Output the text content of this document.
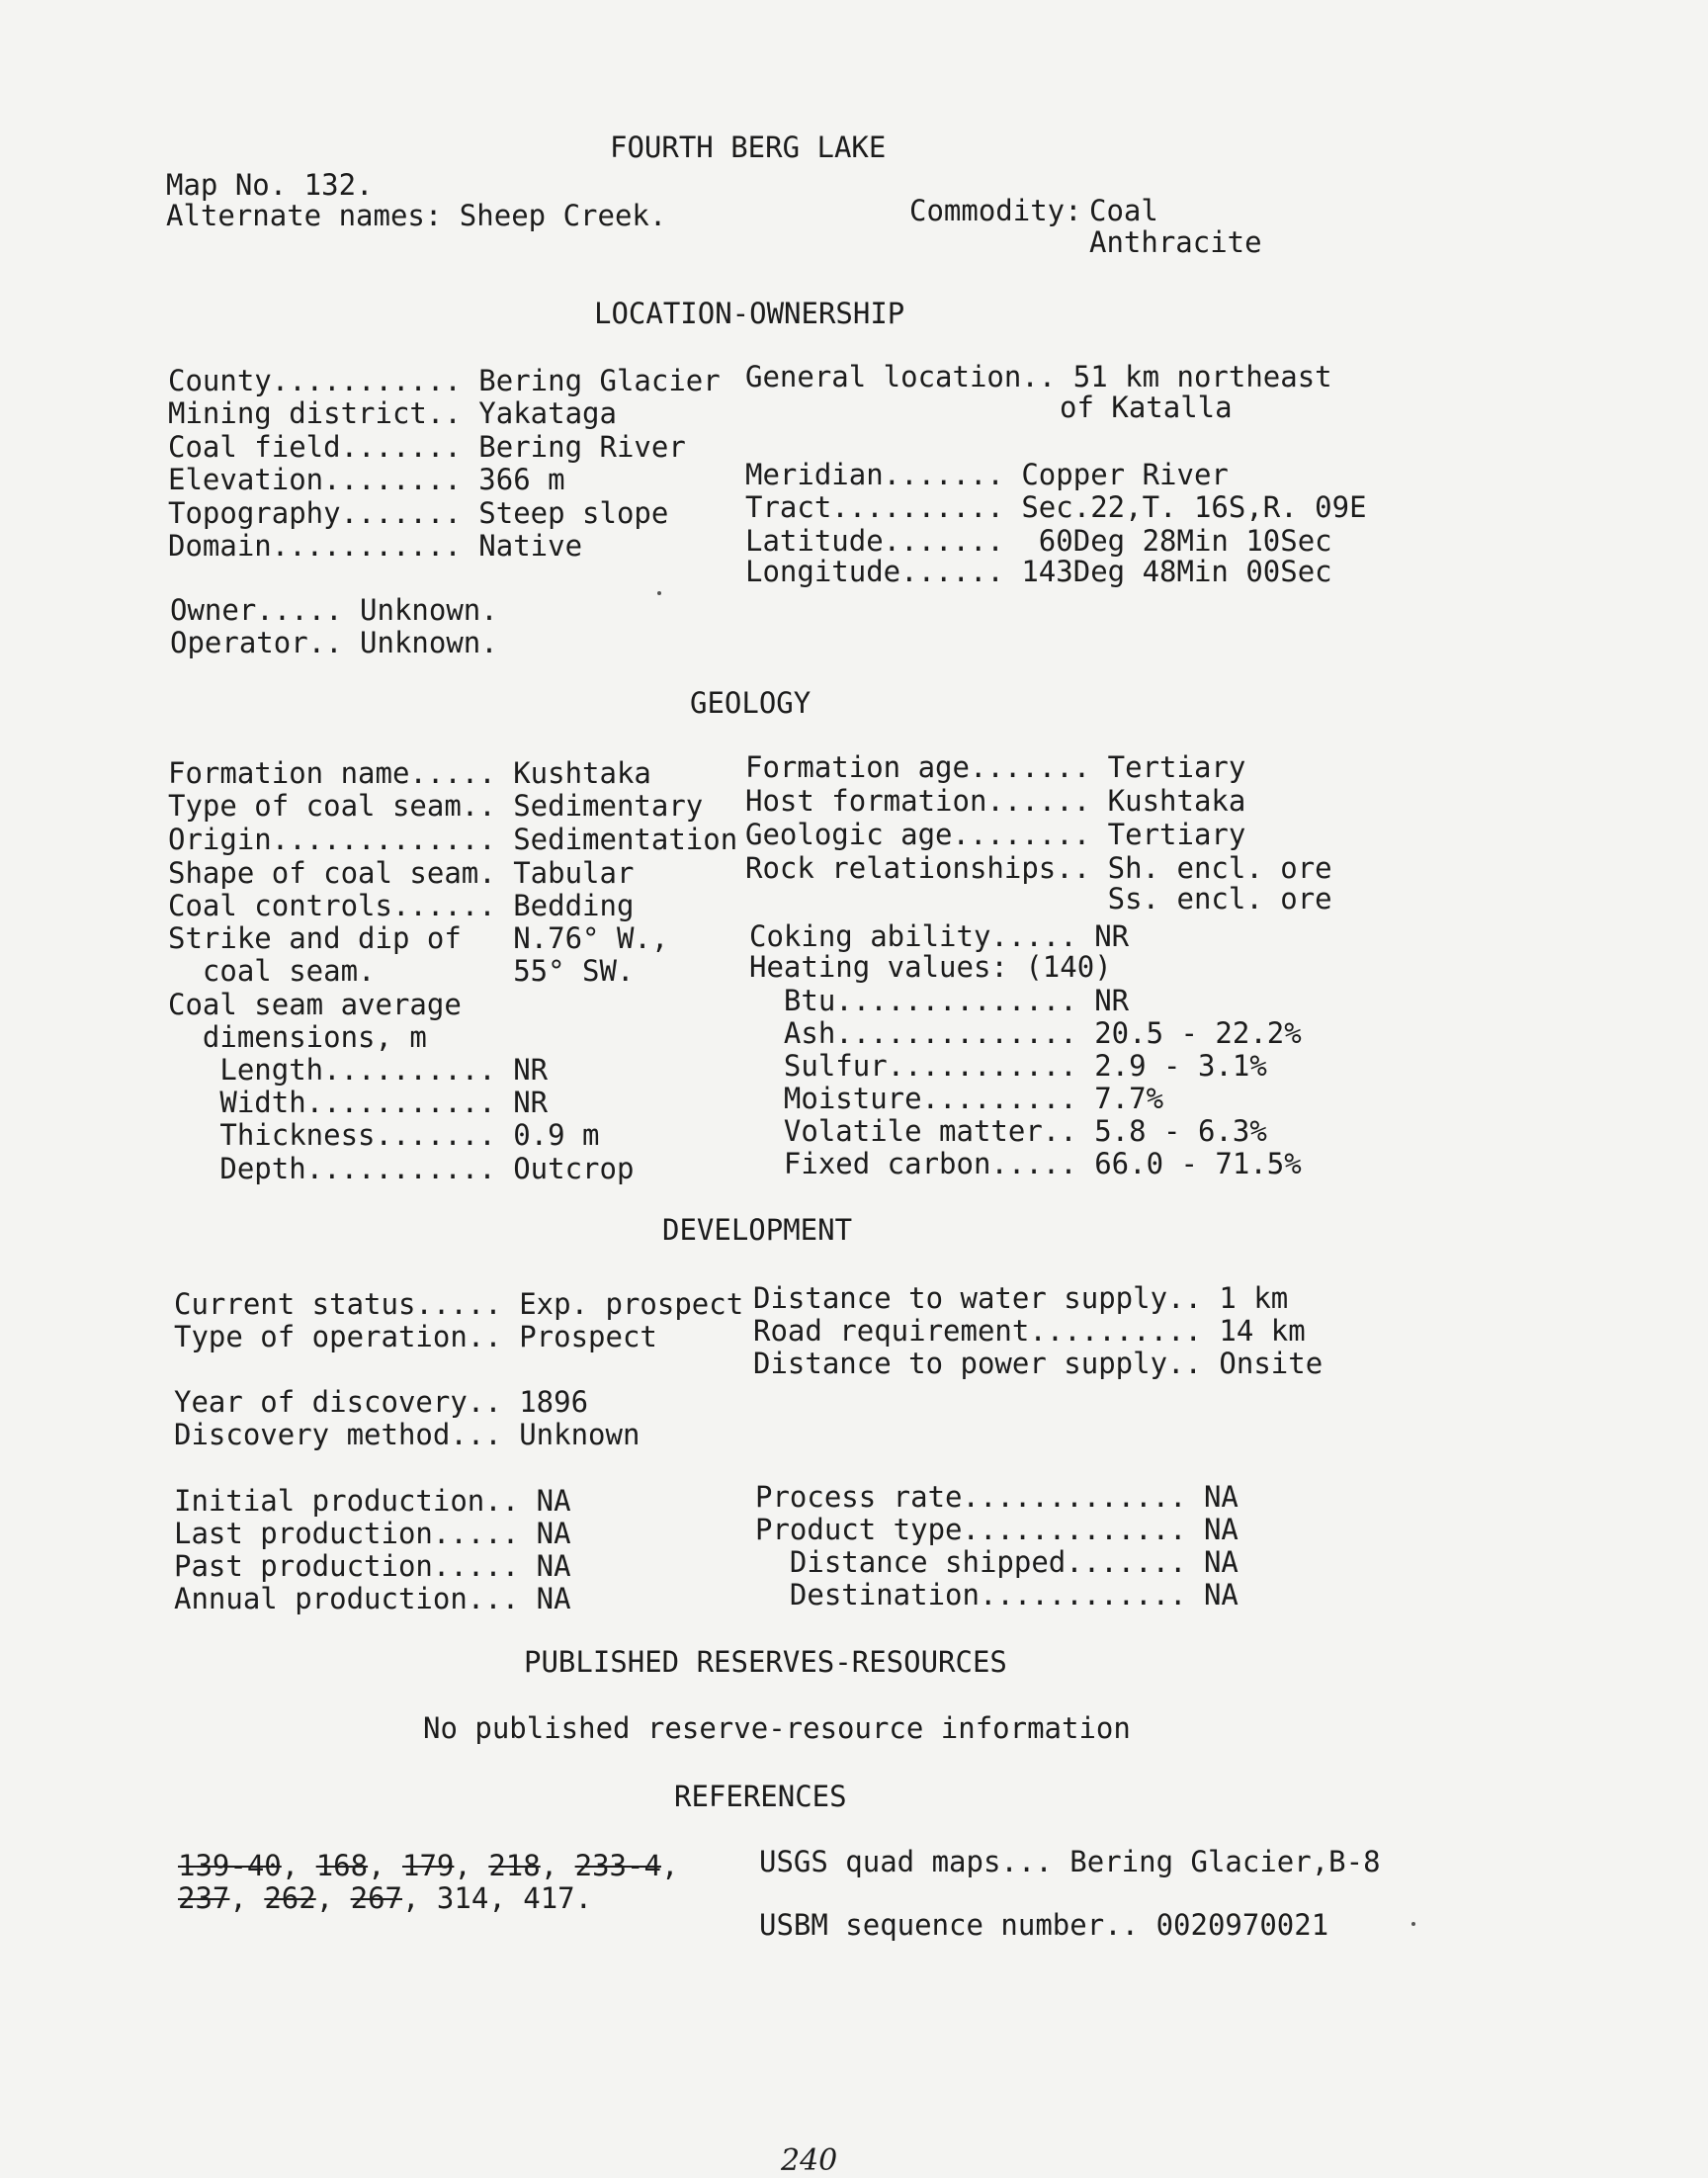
FOURTH BERG LAKE
Map No. 132.
Alternate names: Sheep Creek.	Commodity: Coal
Anthracite
LOCATION-OWNERSHIP
County........... Bering Glacier
Mining district.. Yakataga
Coal field....... Bering River
Elevation........ 366 m
Topography....... Steep slope
Domain........... Native
General location.. 51 km northeast
of Katalla
Meridian....... Copper River
Tract.......... Sec.22,T. 16S,R. 09E
Latitude.......  60Deg 28Min 10Sec
Longitude...... 143Deg 48Min 00Sec
Owner..... Unknown.
Operator.. Unknown.
GEOLOGY
Formation name..... Kushtaka
Type of coal seam.. Sedimentary
Origin............. Sedimentation
Shape of coal seam. Tabular
Coal controls...... Bedding
Strike and dip of   N.76° W.,
coal seam.        55° SW.
Coal seam average
dimensions, m
Length.......... NR
Width........... NR
Thickness....... 0.9 m
Depth........... Outcrop
Formation age....... Tertiary
Host formation...... Kushtaka
Geologic age........ Tertiary
Rock relationships.. Sh. encl. ore
Ss. encl. ore
Coking ability..... NR
Heating values: (140)
Btu.............. NR
Ash.............. 20.5 - 22.2%
Sulfur........... 2.9 - 3.1%
Moisture......... 7.7%
Volatile matter.. 5.8 - 6.3%
Fixed carbon..... 66.0 - 71.5%
DEVELOPMENT
Current status..... Exp. prospect
Type of operation.. Prospect
Year of discovery.. 1896
Discovery method... Unknown
Distance to water supply.. 1 km
Road requirement.......... 14 km
Distance to power supply.. Onsite
Initial production.. NA
Last production..... NA
Past production..... NA
Annual production... NA
Process rate............. NA
Product type............. NA
Distance shipped....... NA
Destination............ NA
PUBLISHED RESERVES-RESOURCES
No published reserve-resource information
REFERENCES
139-40, 168, 179, 218, 233-4,
237, 262, 267, 314, 417.
USGS quad maps... Bering Glacier,B-8
USBM sequence number.. 0020970021
240
